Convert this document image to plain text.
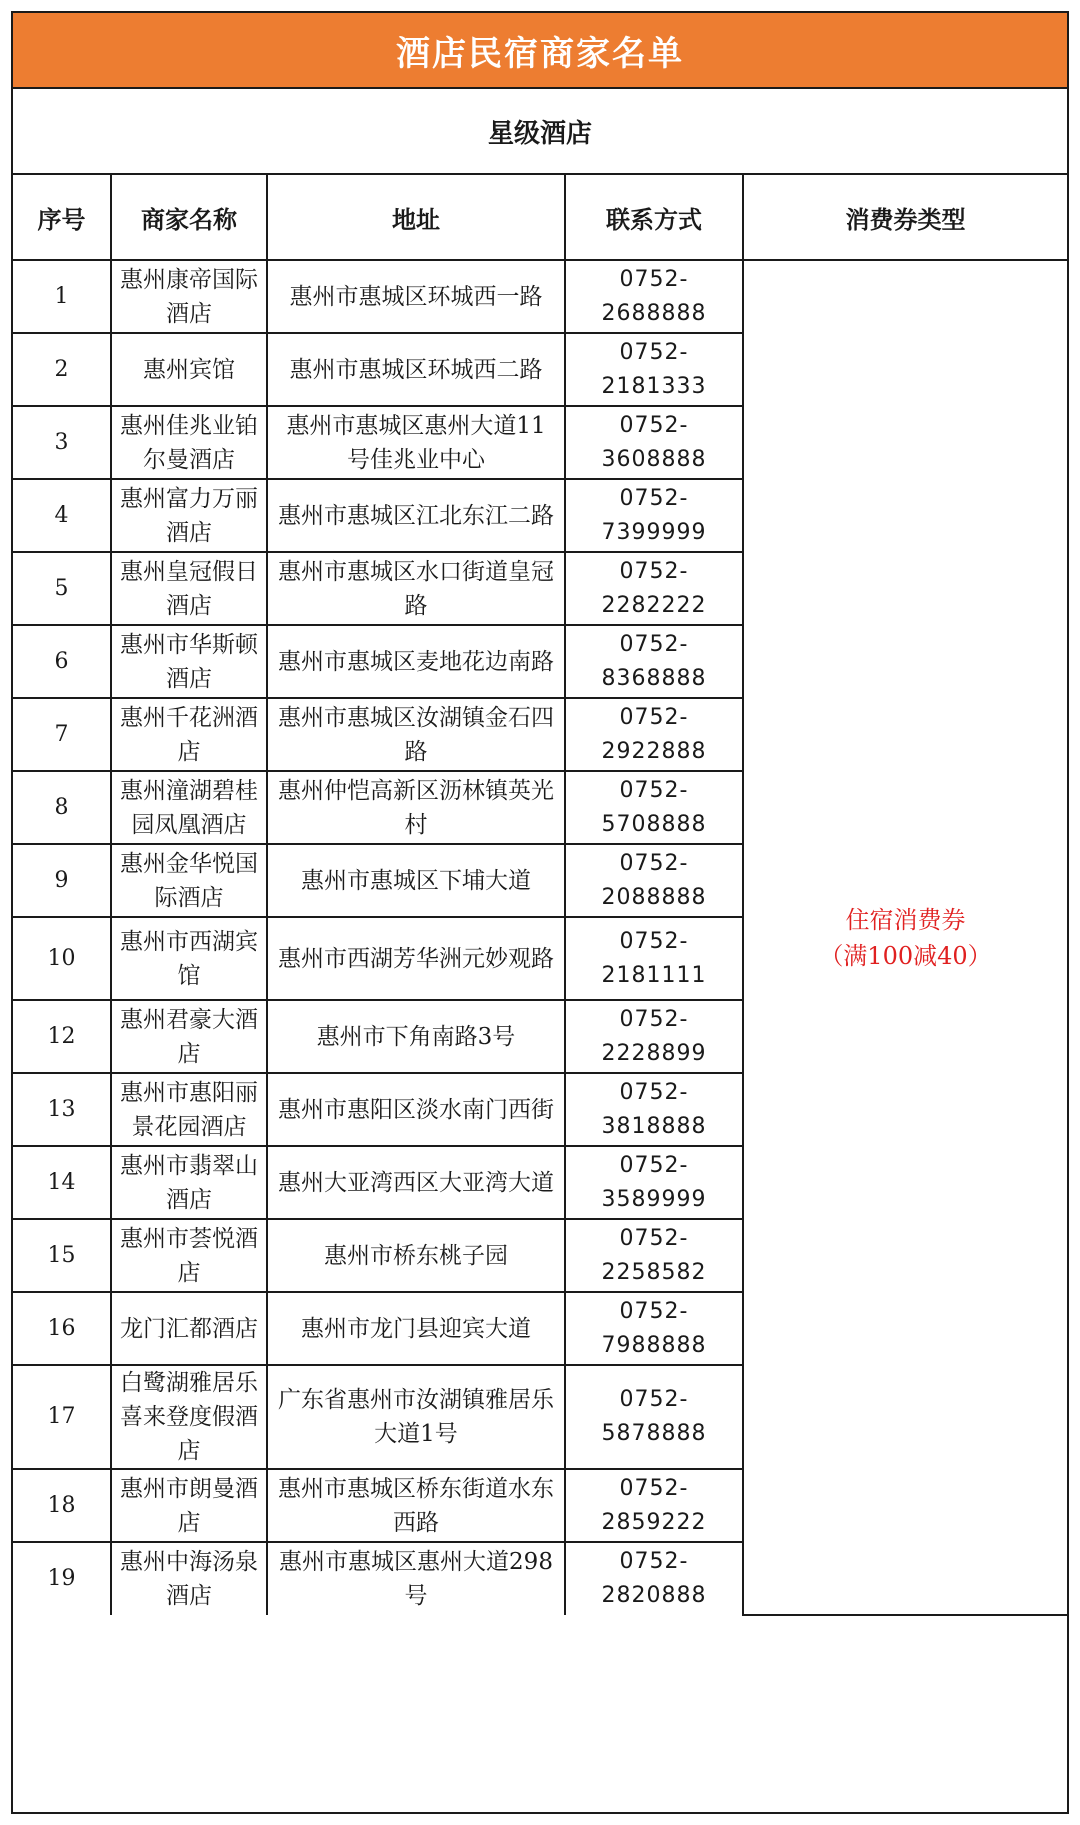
酒店民宿商家名单
星级酒店
序号	商家名称	地址	联系方式	消费券类型
1	惠州康帝国际酒店	惠州市惠城区环城西一路	0752-2688888	住宿消费券
（满100减40）

2	惠州宾馆	惠州市惠城区环城西二路	0752-2181333	
3	惠州佳兆业铂尔曼酒店	惠州市惠城区惠州大道11号佳兆业中心	0752-3608888	
4	惠州富力万丽酒店	惠州市惠城区江北东江二路	0752-7399999	
5	惠州皇冠假日酒店	惠州市惠城区水口街道皇冠路	0752-2282222	
6	惠州市华斯顿酒店	惠州市惠城区麦地花边南路	0752-8368888	
7	惠州千花洲酒店	惠州市惠城区汝湖镇金石四路	0752-2922888	
8	惠州潼湖碧桂园凤凰酒店	惠州仲恺高新区沥林镇英光村	0752-5708888	
9	惠州金华悦国际酒店	惠州市惠城区下埔大道	0752-2088888	
10	惠州市西湖宾馆	惠州市西湖芳华洲元妙观路	0752-2181111	
12	惠州君豪大酒店	惠州市下角南路3号	0752-2228899	
13	惠州市惠阳丽景花园酒店	惠州市惠阳区淡水南门西街	0752-3818888	
14	惠州市翡翠山酒店	惠州大亚湾西区大亚湾大道	0752-3589999	
15	惠州市荟悦酒店	惠州市桥东桃子园	0752-2258582	
16	龙门汇都酒店	惠州市龙门县迎宾大道	0752-7988888	
17	白鹭湖雅居乐喜来登度假酒店	广东省惠州市汝湖镇雅居乐大道1号	0752-5878888	
18	惠州市朗曼酒店	惠州市惠城区桥东街道水东西路	0752-2859222	
19	惠州中海汤泉酒店	惠州市惠城区惠州大道298号	0752-2820888	
